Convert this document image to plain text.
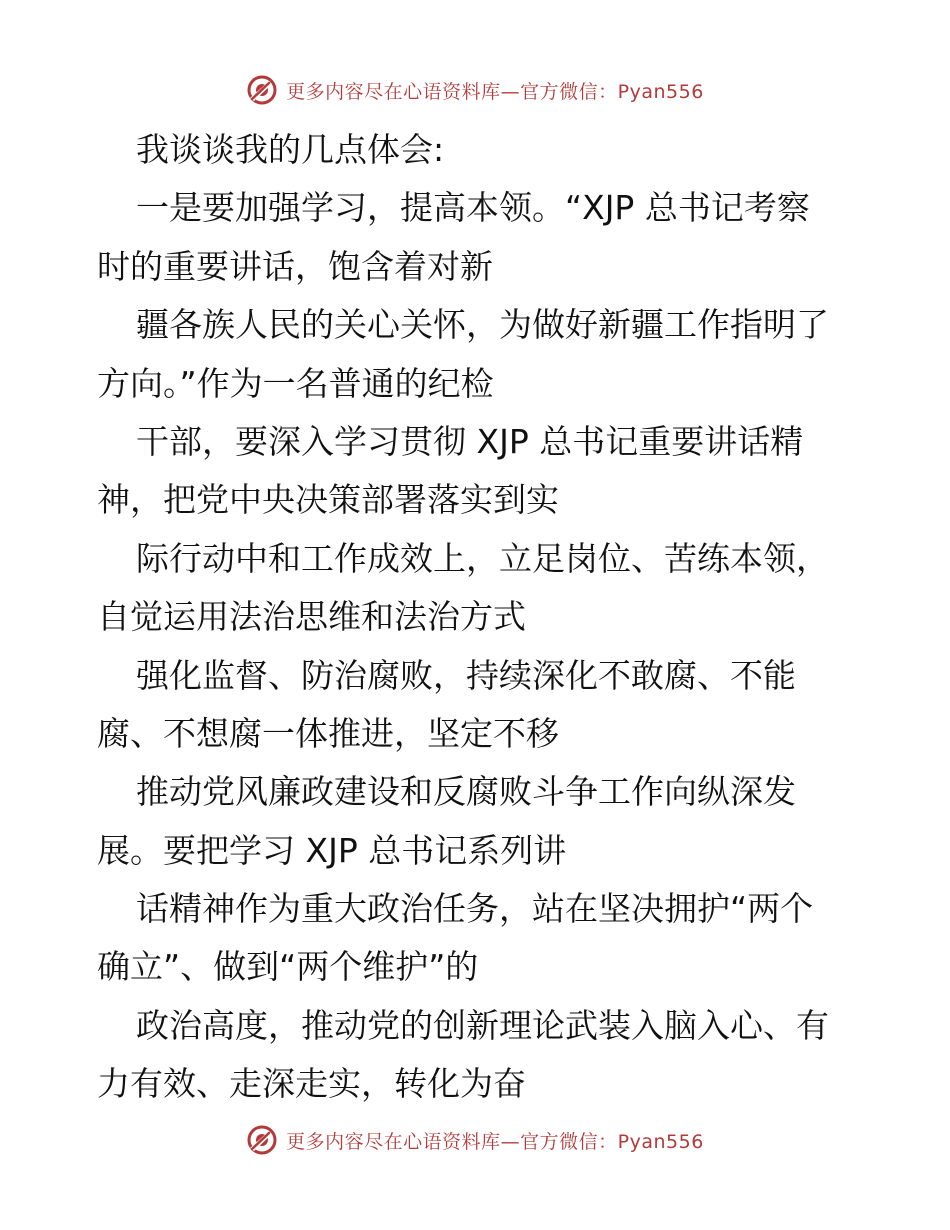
更多内容尽在心语资料库—官方微信：Pyan556
我谈谈我的几点体会:
一是要加强学习，提高本领。“XJP 总书记考察
时的重要讲话，饱含着对新
疆各族人民的关心关怀，为做好新疆工作指明了
方向。”作为一名普通的纪检
干部，要深入学习贯彻 XJP 总书记重要讲话精
神，把党中央决策部署落实到实
际行动中和工作成效上，立足岗位、苦练本领，
自觉运用法治思维和法治方式
强化监督、防治腐败，持续深化不敢腐、不能
腐、不想腐一体推进，坚定不移
推动党风廉政建设和反腐败斗争工作向纵深发
展。要把学习 XJP 总书记系列讲
话精神作为重大政治任务，站在坚决拥护“两个
确立”、做到“两个维护”的
政治高度，推动党的创新理论武装入脑入心、有
力有效、走深走实，转化为奋
更多内容尽在心语资料库—官方微信：Pyan556
